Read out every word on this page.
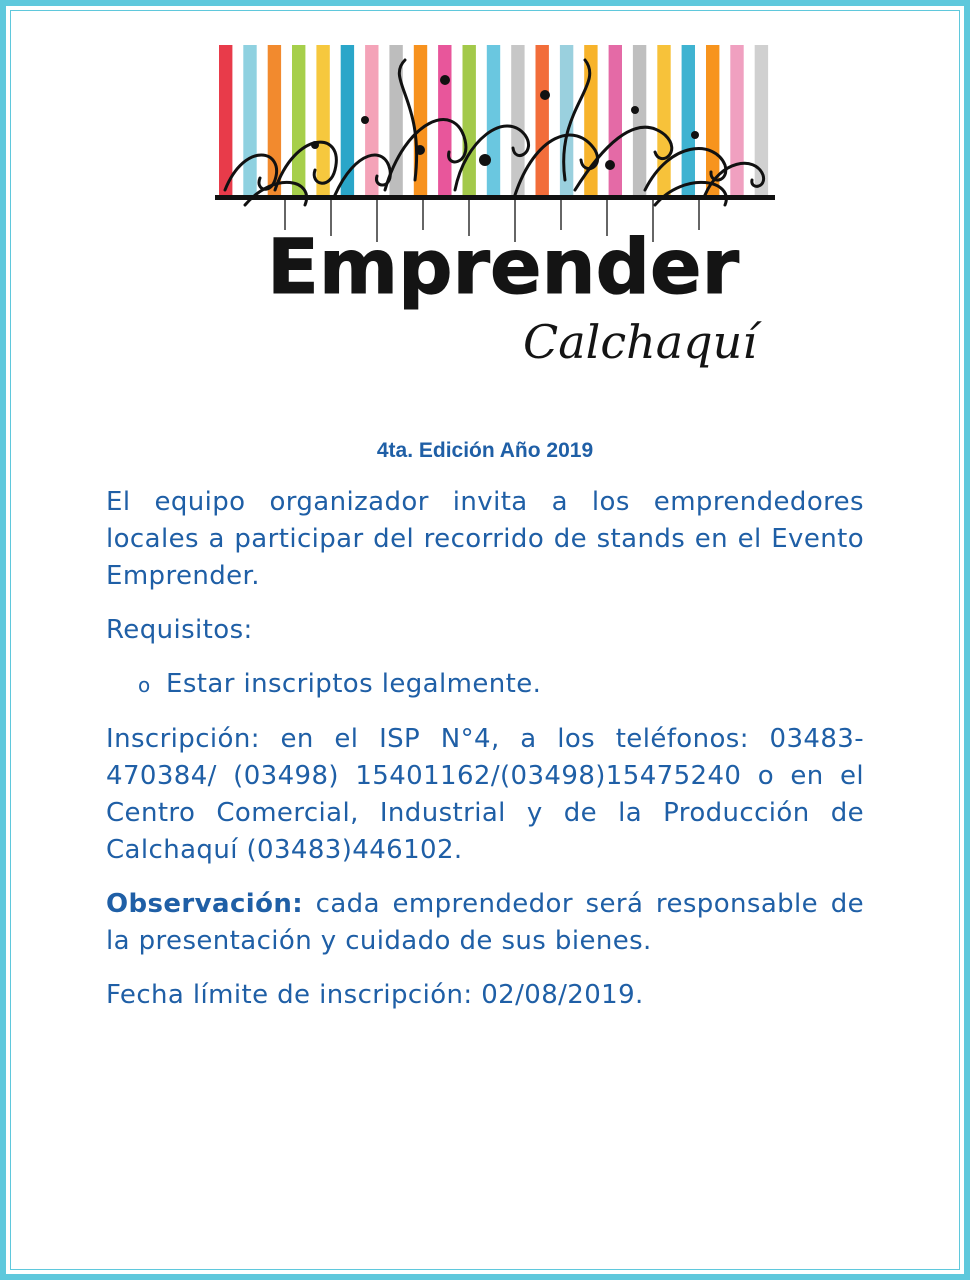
Emprender
Calchaquí
4ta. Edición Año 2019

El equipo organizador invita a los emprendedores locales a participar del recorrido de stands en el Evento Emprender.

Requisitos:

o Estar inscriptos legalmente.

Inscripción: en el ISP N°4, a los teléfonos: 03483-470384/ (03498) 15401162/(03498)15475240 o en el Centro Comercial, Industrial y de la Producción de Calchaquí (03483)446102.

Observación: cada emprendedor será responsable de la presentación y cuidado de sus bienes.

Fecha límite de inscripción: 02/08/2019.
